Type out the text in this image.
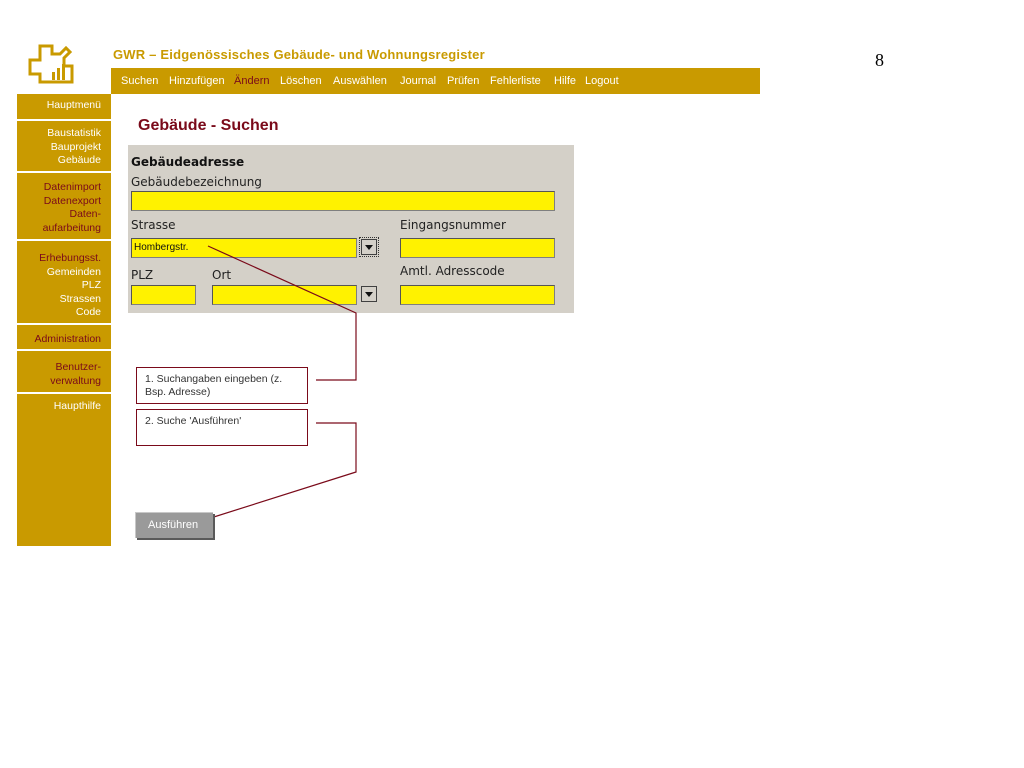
GWR – Eidgenössisches Gebäude- und Wohnungsregister	8
Suchen Hinzufügen Ändern Löschen Auswählen Journal Prüfen Fehlerliste Hilfe Logout
Hauptmenü
Baustatistik
Bauprojekt
Gebäude
Datenimport
Datenexport
Daten-
aufarbeitung
Erhebungsst.
Gemeinden
PLZ
Strassen
Code
Administration
Benutzer-
verwaltung
Haupthilfe
Gebäude - Suchen
Gebäudeadresse
Gebäudebezeichnung
Strasse
Hombergstr.
Eingangsnummer
PLZ	Ort	Amtl. Adresscode
1. Suchangaben eingeben (z. Bsp. Adresse)
2. Suche 'Ausführen'
Ausführen
